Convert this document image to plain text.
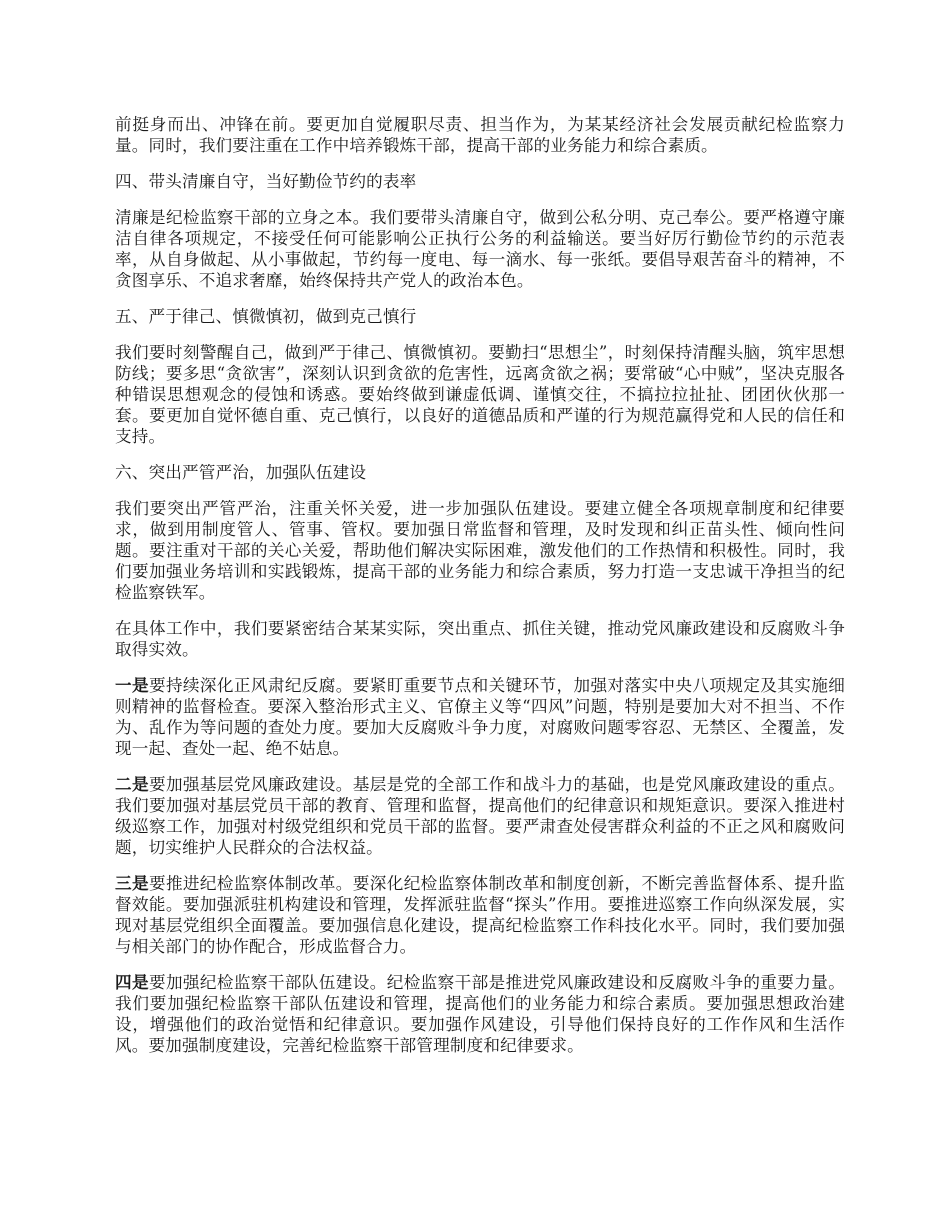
前挺身而出、冲锋在前。要更加自觉履职尽责、担当作为，为某某经济社会发展贡献纪检监察力量。同时，我们要注重在工作中培养锻炼干部，提高干部的业务能力和综合素质。

四、带头清廉自守，当好勤俭节约的表率

清廉是纪检监察干部的立身之本。我们要带头清廉自守，做到公私分明、克己奉公。要严格遵守廉洁自律各项规定，不接受任何可能影响公正执行公务的利益输送。要当好厉行勤俭节约的示范表率，从自身做起、从小事做起，节约每一度电、每一滴水、每一张纸。要倡导艰苦奋斗的精神，不贪图享乐、不追求奢靡，始终保持共产党人的政治本色。

五、严于律己、慎微慎初，做到克己慎行

我们要时刻警醒自己，做到严于律己、慎微慎初。要勤扫“思想尘”，时刻保持清醒头脑，筑牢思想防线；要多思“贪欲害”，深刻认识到贪欲的危害性，远离贪欲之祸；要常破“心中贼”，坚决克服各种错误思想观念的侵蚀和诱惑。要始终做到谦虚低调、谨慎交往，不搞拉拉扯扯、团团伙伙那一套。要更加自觉怀德自重、克己慎行，以良好的道德品质和严谨的行为规范赢得党和人民的信任和支持。

六、突出严管严治，加强队伍建设

我们要突出严管严治，注重关怀关爱，进一步加强队伍建设。要建立健全各项规章制度和纪律要求，做到用制度管人、管事、管权。要加强日常监督和管理，及时发现和纠正苗头性、倾向性问题。要注重对干部的关心关爱，帮助他们解决实际困难，激发他们的工作热情和积极性。同时，我们要加强业务培训和实践锻炼，提高干部的业务能力和综合素质，努力打造一支忠诚干净担当的纪检监察铁军。

在具体工作中，我们要紧密结合某某实际，突出重点、抓住关键，推动党风廉政建设和反腐败斗争取得实效。

一是要持续深化正风肃纪反腐。要紧盯重要节点和关键环节，加强对落实中央八项规定及其实施细则精神的监督检查。要深入整治形式主义、官僚主义等“四风”问题，特别是要加大对不担当、不作为、乱作为等问题的查处力度。要加大反腐败斗争力度，对腐败问题零容忍、无禁区、全覆盖，发现一起、查处一起、绝不姑息。

二是要加强基层党风廉政建设。基层是党的全部工作和战斗力的基础，也是党风廉政建设的重点。我们要加强对基层党员干部的教育、管理和监督，提高他们的纪律意识和规矩意识。要深入推进村级巡察工作，加强对村级党组织和党员干部的监督。要严肃查处侵害群众利益的不正之风和腐败问题，切实维护人民群众的合法权益。

三是要推进纪检监察体制改革。要深化纪检监察体制改革和制度创新，不断完善监督体系、提升监督效能。要加强派驻机构建设和管理，发挥派驻监督“探头”作用。要推进巡察工作向纵深发展，实现对基层党组织全面覆盖。要加强信息化建设，提高纪检监察工作科技化水平。同时，我们要加强与相关部门的协作配合，形成监督合力。

四是要加强纪检监察干部队伍建设。纪检监察干部是推进党风廉政建设和反腐败斗争的重要力量。我们要加强纪检监察干部队伍建设和管理，提高他们的业务能力和综合素质。要加强思想政治建设，增强他们的政治觉悟和纪律意识。要加强作风建设，引导他们保持良好的工作作风和生活作风。要加强制度建设，完善纪检监察干部管理制度和纪律要求。
